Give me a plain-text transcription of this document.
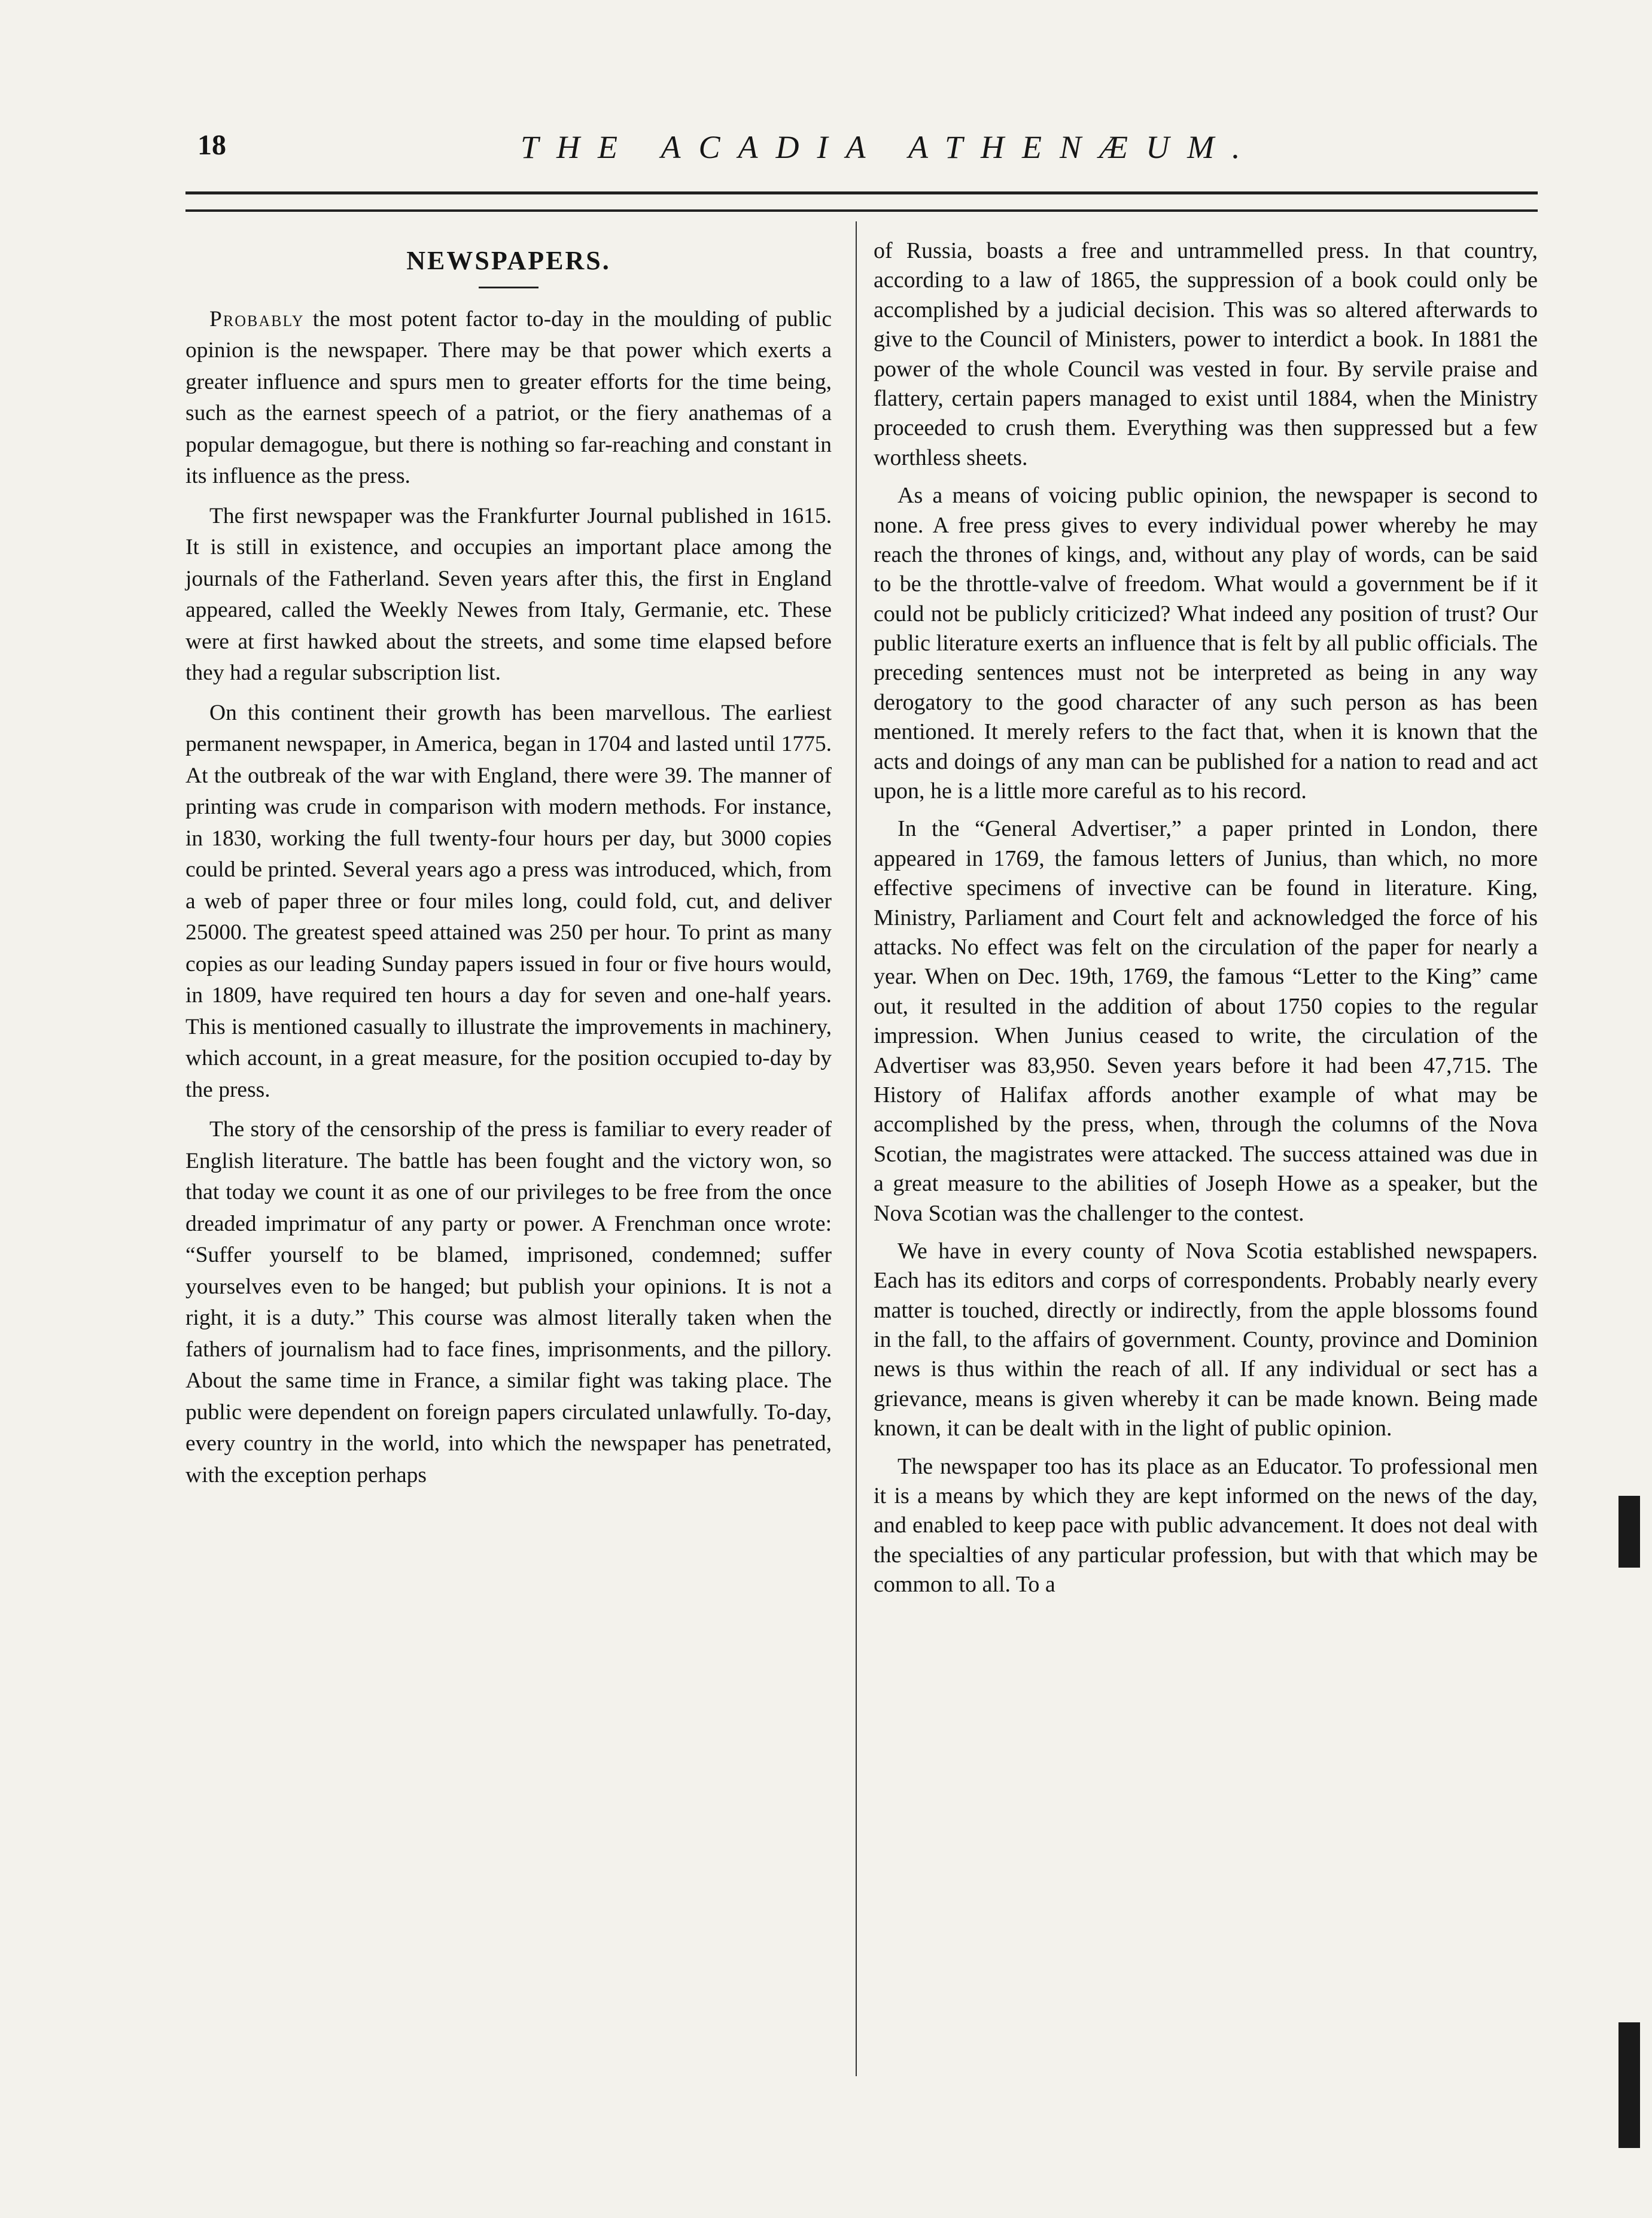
18	THE ACADIA ATHENÆUM.
NEWSPAPERS.

Probably the most potent factor to-day in the moulding of public opinion is the newspaper. There may be that power which exerts a greater influence and spurs men to greater efforts for the time being, such as the earnest speech of a patriot, or the fiery anathemas of a popular demagogue, but there is nothing so far-reaching and constant in its influence as the press.

The first newspaper was the Frankfurter Journal published in 1615. It is still in existence, and occupies an important place among the journals of the Fatherland. Seven years after this, the first in England appeared, called the Weekly Newes from Italy, Germanie, etc. These were at first hawked about the streets, and some time elapsed before they had a regular subscription list.

On this continent their growth has been marvellous. The earliest permanent newspaper, in America, began in 1704 and lasted until 1775. At the outbreak of the war with England, there were 39. The manner of printing was crude in comparison with modern methods. For instance, in 1830, working the full twenty-four hours per day, but 3000 copies could be printed. Several years ago a press was introduced, which, from a web of paper three or four miles long, could fold, cut, and deliver 25000. The greatest speed attained was 250 per hour. To print as many copies as our leading Sunday papers issued in four or five hours would, in 1809, have required ten hours a day for seven and one-half years. This is mentioned casually to illustrate the improvements in machinery, which account, in a great measure, for the position occupied to-day by the press.

The story of the censorship of the press is familiar to every reader of English literature. The battle has been fought and the victory won, so that today we count it as one of our privileges to be free from the once dreaded imprimatur of any party or power. A Frenchman once wrote: “Suffer yourself to be blamed, imprisoned, condemned; suffer yourselves even to be hanged; but publish your opinions. It is not a right, it is a duty.” This course was almost literally taken when the fathers of journalism had to face fines, imprisonments, and the pillory. About the same time in France, a similar fight was taking place. The public were dependent on foreign papers circulated unlawfully. To-day, every country in the world, into which the newspaper has penetrated, with the exception perhaps

of Russia, boasts a free and untrammelled press. In that country, according to a law of 1865, the suppression of a book could only be accomplished by a judicial decision. This was so altered afterwards to give to the Council of Ministers, power to interdict a book. In 1881 the power of the whole Council was vested in four. By servile praise and flattery, certain papers managed to exist until 1884, when the Ministry proceeded to crush them. Everything was then suppressed but a few worthless sheets.

As a means of voicing public opinion, the newspaper is second to none. A free press gives to every individual power whereby he may reach the thrones of kings, and, without any play of words, can be said to be the throttle-valve of freedom. What would a government be if it could not be publicly criticized? What indeed any position of trust? Our public literature exerts an influence that is felt by all public officials. The preceding sentences must not be interpreted as being in any way derogatory to the good character of any such person as has been mentioned. It merely refers to the fact that, when it is known that the acts and doings of any man can be published for a nation to read and act upon, he is a little more careful as to his record.

In the “General Advertiser,” a paper printed in London, there appeared in 1769, the famous letters of Junius, than which, no more effective specimens of invective can be found in literature. King, Ministry, Parliament and Court felt and acknowledged the force of his attacks. No effect was felt on the circulation of the paper for nearly a year. When on Dec. 19th, 1769, the famous “Letter to the King” came out, it resulted in the addition of about 1750 copies to the regular impression. When Junius ceased to write, the circulation of the Advertiser was 83,950. Seven years before it had been 47,715. The History of Halifax affords another example of what may be accomplished by the press, when, through the columns of the Nova Scotian, the magistrates were attacked. The success attained was due in a great measure to the abilities of Joseph Howe as a speaker, but the Nova Scotian was the challenger to the contest.

We have in every county of Nova Scotia established newspapers. Each has its editors and corps of correspondents. Probably nearly every matter is touched, directly or indirectly, from the apple blossoms found in the fall, to the affairs of government. County, province and Dominion news is thus within the reach of all. If any individual or sect has a grievance, means is given whereby it can be made known. Being made known, it can be dealt with in the light of public opinion.

The newspaper too has its place as an Educator. To professional men it is a means by which they are kept informed on the news of the day, and enabled to keep pace with public advancement. It does not deal with the specialties of any particular profession, but with that which may be common to all. To a
